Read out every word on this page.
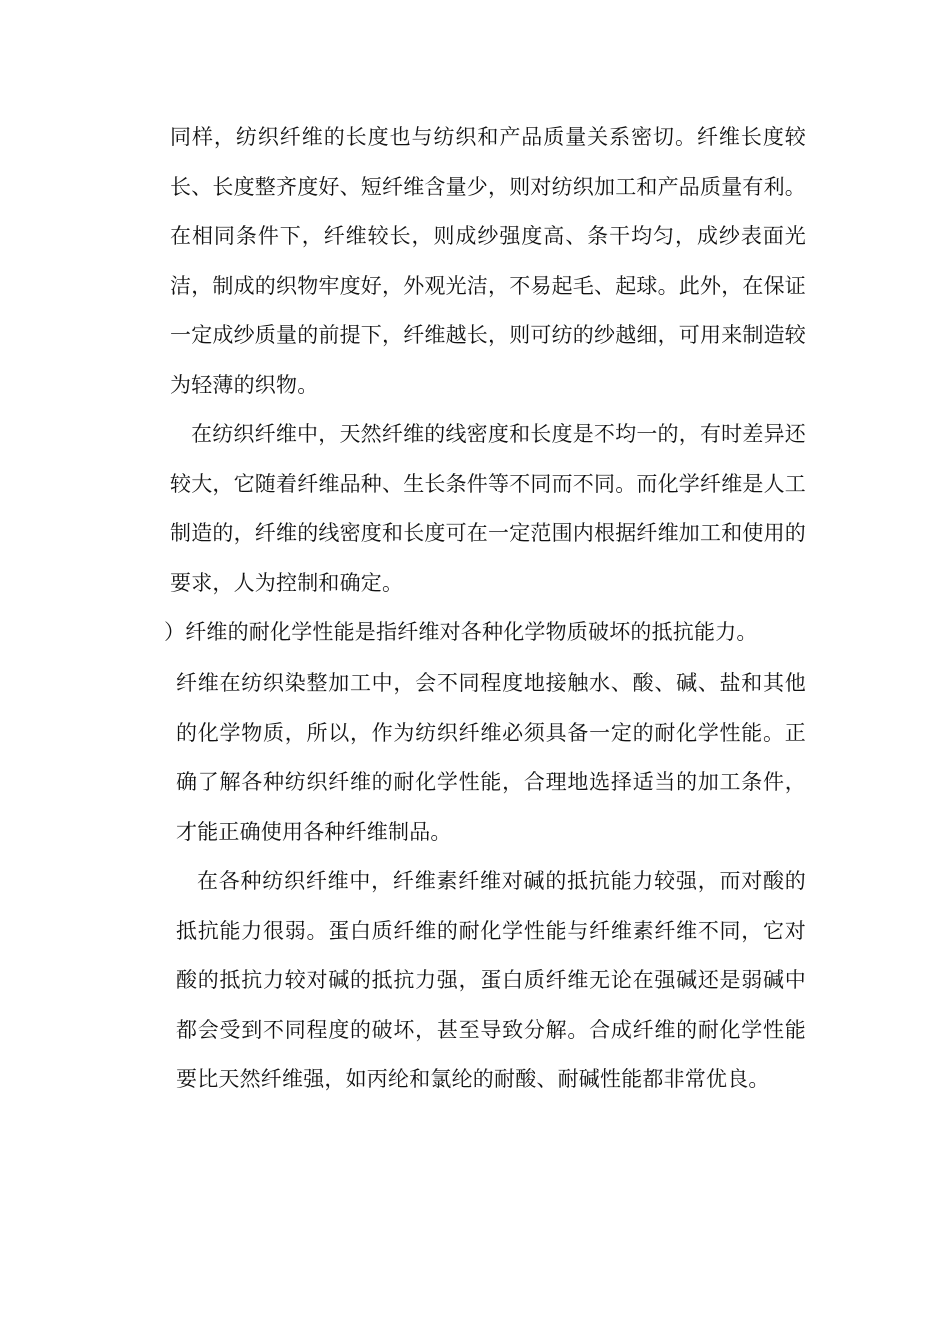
同样，纺织纤维的长度也与纺织和产品质量关系密切。纤维长度较长、长度整齐度好、短纤维含量少，则对纺织加工和产品质量有利。在相同条件下，纤维较长，则成纱强度高、条干均匀，成纱表面光洁，制成的织物牢度好，外观光洁，不易起毛、起球。此外，在保证一定成纱质量的前提下，纤维越长，则可纺的纱越细，可用来制造较为轻薄的织物。

在纺织纤维中，天然纤维的线密度和长度是不均一的，有时差异还较大，它随着纤维品种、生长条件等不同而不同。而化学纤维是人工制造的，纤维的线密度和长度可在一定范围内根据纤维加工和使用的要求，人为控制和确定。

）纤维的耐化学性能是指纤维对各种化学物质破坏的抵抗能力。

纤维在纺织染整加工中，会不同程度地接触水、酸、碱、盐和其他的化学物质，所以，作为纺织纤维必须具备一定的耐化学性能。正确了解各种纺织纤维的耐化学性能，合理地选择适当的加工条件，才能正确使用各种纤维制品。

在各种纺织纤维中，纤维素纤维对碱的抵抗能力较强，而对酸的抵抗能力很弱。蛋白质纤维的耐化学性能与纤维素纤维不同，它对酸的抵抗力较对碱的抵抗力强，蛋白质纤维无论在强碱还是弱碱中都会受到不同程度的破坏，甚至导致分解。合成纤维的耐化学性能要比天然纤维强，如丙纶和氯纶的耐酸、耐碱性能都非常优良。
